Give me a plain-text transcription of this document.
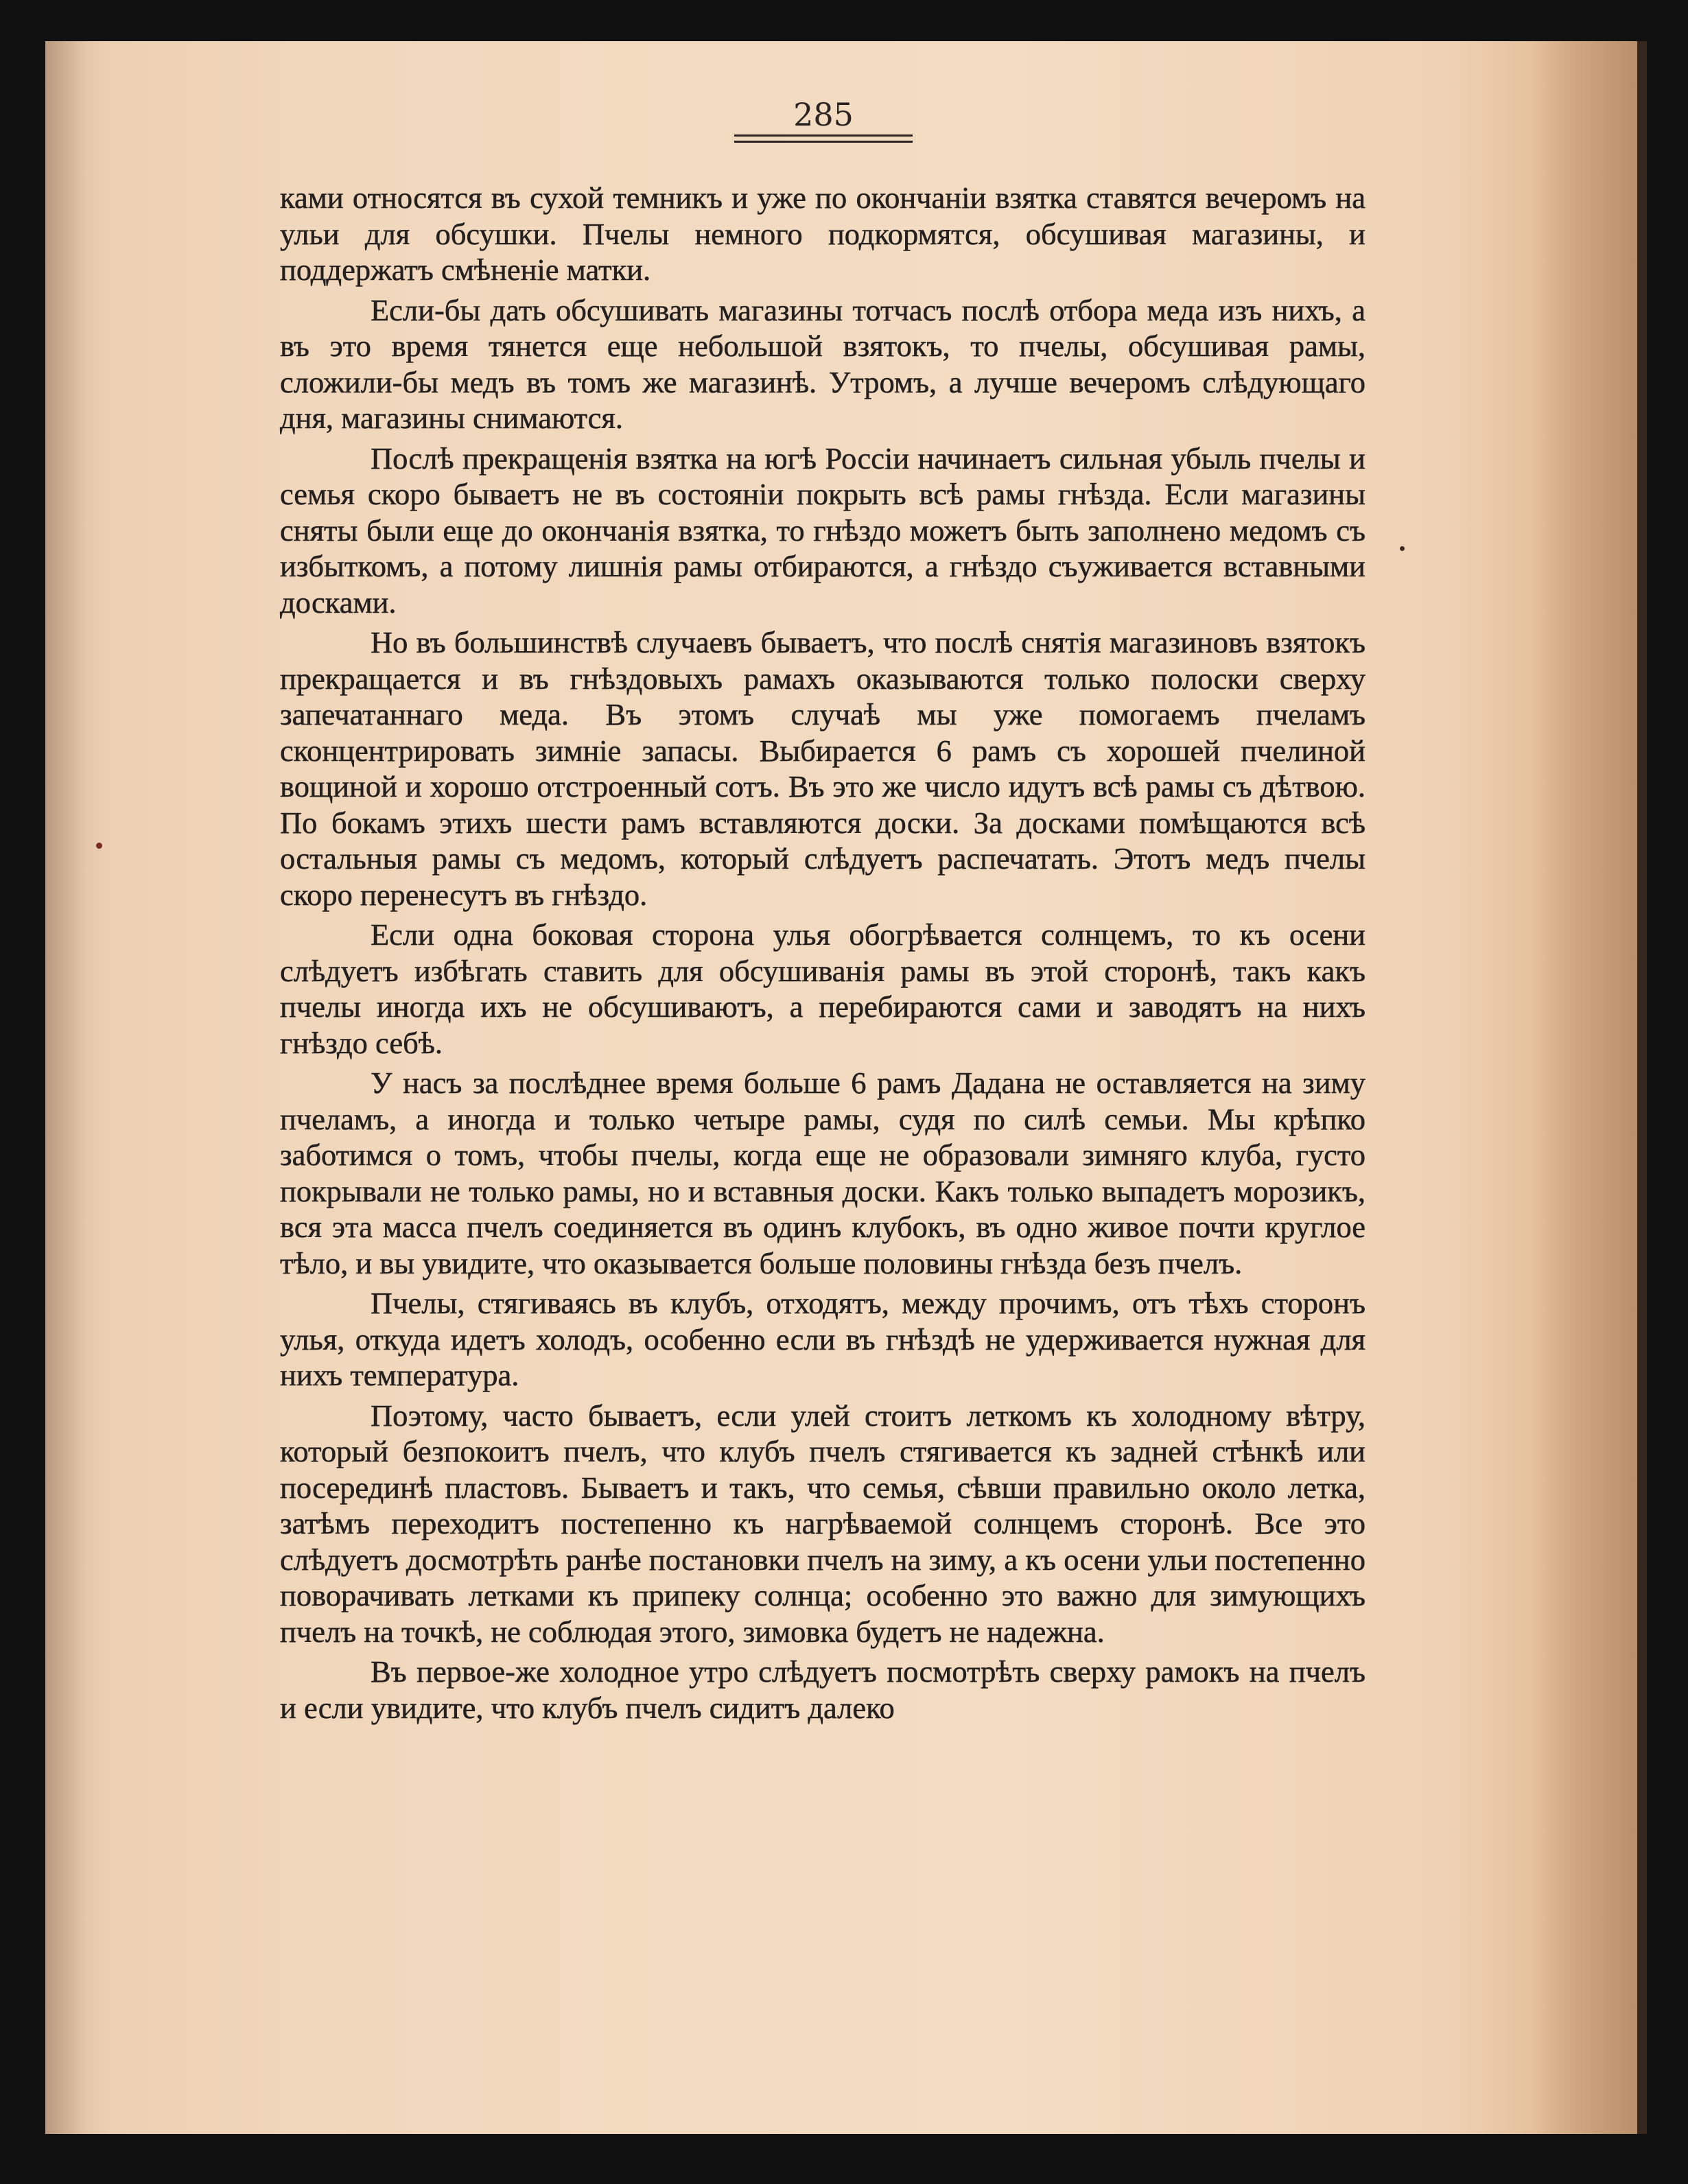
285

ками относятся въ сухой темникъ и уже по окончаніи взятка ставятся вечеромъ на ульи для обсушки. Пчелы немного подкормятся, обсушивая магазины, и поддержатъ смѣненіе матки.

Если-бы дать обсушивать магазины тотчасъ послѣ отбора меда изъ нихъ, а въ это время тянется еще небольшой взятокъ, то пчелы, обсушивая рамы, сложили-бы медъ въ томъ же магазинѣ. Утромъ, а лучше вечеромъ слѣдующаго дня, магазины снимаются.

Послѣ прекращенія взятка на югѣ Россіи начинаетъ сильная убыль пчелы и семья скоро бываетъ не въ состояніи покрыть всѣ рамы гнѣзда. Если магазины сняты были еще до окончанія взятка, то гнѣздо можетъ быть заполнено медомъ съ избыткомъ, а потому лишнія рамы отбираются, а гнѣздо съуживается вставными досками.

Но въ большинствѣ случаевъ бываетъ, что послѣ снятія магазиновъ взятокъ прекращается и въ гнѣздовыхъ рамахъ оказываются только полоски сверху запечатаннаго меда. Въ этомъ случаѣ мы уже помогаемъ пчеламъ сконцентрировать зимніе запасы. Выбирается 6 рамъ съ хорошей пчелиной вощиной и хорошо отстроенный сотъ. Въ это же число идутъ всѣ рамы съ дѣтвою. По бокамъ этихъ шести рамъ вставляются доски. За досками помѣщаются всѣ остальныя рамы съ медомъ, который слѣдуетъ распечатать. Этотъ медъ пчелы скоро перенесутъ въ гнѣздо.

Если одна боковая сторона улья обогрѣвается солнцемъ, то къ осени слѣдуетъ избѣгать ставить для обсушиванія рамы въ этой сторонѣ, такъ какъ пчелы иногда ихъ не обсушиваютъ, а перебираются сами и заводятъ на нихъ гнѣздо себѣ.

У насъ за послѣднее время больше 6 рамъ Дадана не оставляется на зиму пчеламъ, а иногда и только четыре рамы, судя по силѣ семьи. Мы крѣпко заботимся о томъ, чтобы пчелы, когда еще не образовали зимняго клуба, густо покрывали не только рамы, но и вставныя доски. Какъ только выпадетъ морозикъ, вся эта масса пчелъ соединяется въ одинъ клубокъ, въ одно живое почти круглое тѣло, и вы увидите, что оказывается больше половины гнѣзда безъ пчелъ.

Пчелы, стягиваясь въ клубъ, отходятъ, между прочимъ, отъ тѣхъ сторонъ улья, откуда идетъ холодъ, особенно если въ гнѣздѣ не удерживается нужная для нихъ температура.

Поэтому, часто бываетъ, если улей стоитъ леткомъ къ холодному вѣтру, который безпокоитъ пчелъ, что клубъ пчелъ стягивается къ задней стѣнкѣ или посерединѣ пластовъ. Бываетъ и такъ, что семья, сѣвши правильно около летка, затѣмъ переходитъ постепенно къ нагрѣваемой солнцемъ сторонѣ. Все это слѣдуетъ досмотрѣть ранѣе постановки пчелъ на зиму, а къ осени ульи постепенно поворачивать летками къ припеку солнца; особенно это важно для зимующихъ пчелъ на точкѣ, не соблюдая этого, зимовка будетъ не надежна.

Въ первое-же холодное утро слѣдуетъ посмотрѣть сверху рамокъ на пчелъ и если увидите, что клубъ пчелъ сидитъ далеко
